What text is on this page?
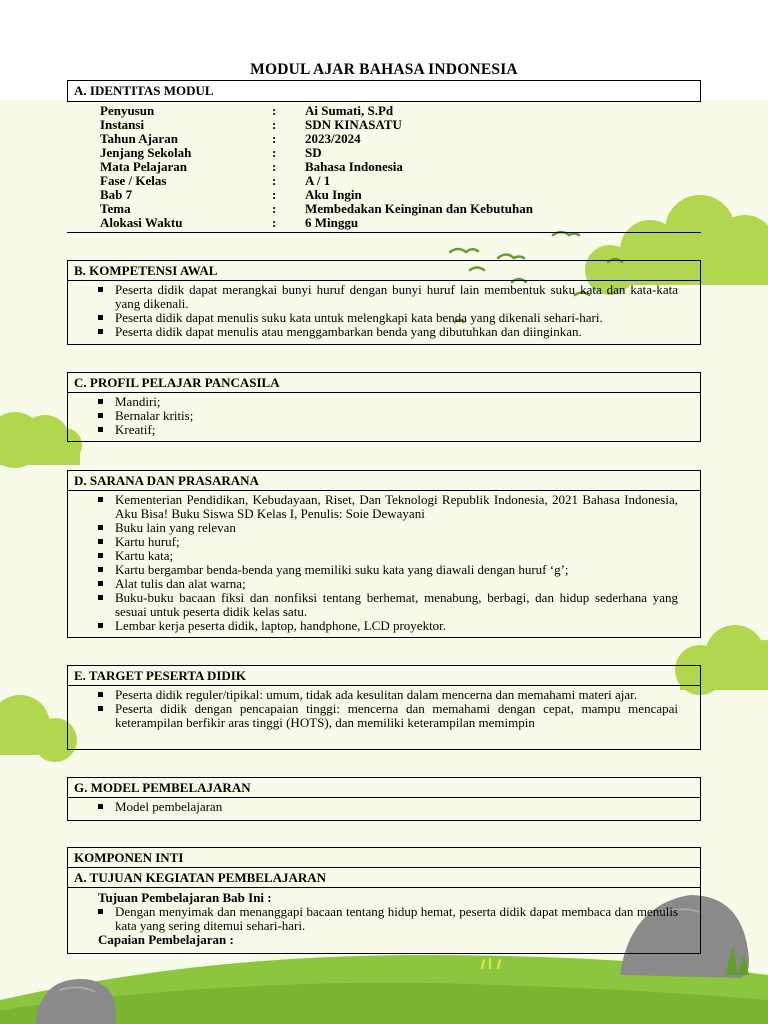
MODUL AJAR BAHASA INDONESIA
A. IDENTITAS MODUL
Penyusun	:	Ai Sumati, S.Pd
Instansi	:	SDN KINASATU
Tahun Ajaran	:	2023/2024
Jenjang Sekolah	:	SD
Mata Pelajaran	:	Bahasa Indonesia
Fase / Kelas	:	A / 1
Bab 7	:	Aku Ingin
Tema	:	Membedakan Keinginan dan Kebutuhan
Alokasi Waktu	:	6 Minggu
B. KOMPETENSI AWAL
Peserta didik dapat merangkai bunyi huruf dengan bunyi huruf lain membentuk suku kata dan kata-kata yang dikenali.
Peserta didik dapat menulis suku kata untuk melengkapi kata benda yang dikenali sehari-hari.
Peserta didik dapat menulis atau menggambarkan benda yang dibutuhkan dan diinginkan.
C. PROFIL PELAJAR PANCASILA
Mandiri;
Bernalar kritis;
Kreatif;
D. SARANA DAN PRASARANA
Kementerian Pendidikan, Kebudayaan, Riset, Dan Teknologi Republik Indonesia, 2021 Bahasa Indonesia, Aku Bisa! Buku Siswa SD Kelas I, Penulis: Soie Dewayani
Buku lain yang relevan
Kartu huruf;
Kartu kata;
Kartu bergambar benda-benda yang memiliki suku kata yang diawali dengan huruf ‘g’;
Alat tulis dan alat warna;
Buku-buku bacaan fiksi dan nonfiksi tentang berhemat, menabung, berbagi, dan hidup sederhana yang sesuai untuk peserta didik kelas satu.
Lembar kerja peserta didik, laptop, handphone, LCD proyektor.
E. TARGET PESERTA DIDIK
Peserta didik reguler/tipikal: umum, tidak ada kesulitan dalam mencerna dan memahami materi ajar.
Peserta didik dengan pencapaian tinggi: mencerna dan memahami dengan cepat, mampu mencapai keterampilan berfikir aras tinggi (HOTS), dan memiliki keterampilan memimpin
G. MODEL PEMBELAJARAN
Model pembelajaran
KOMPONEN INTI
A. TUJUAN KEGIATAN PEMBELAJARAN
Tujuan Pembelajaran Bab Ini :
Dengan menyimak dan menanggapi bacaan tentang hidup hemat, peserta didik dapat membaca dan menulis kata yang sering ditemui sehari-hari.
Capaian Pembelajaran :
